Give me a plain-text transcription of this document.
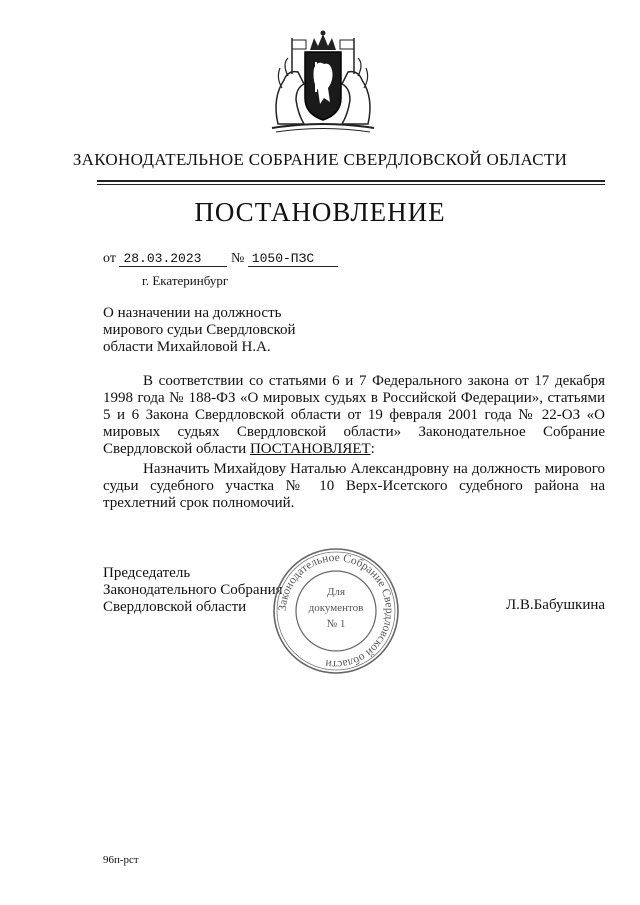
ЗАКОНОДАТЕЛЬНОЕ СОБРАНИЕ СВЕРДЛОВСКОЙ ОБЛАСТИ
ПОСТАНОВЛЕНИЕ
от 28.03.2023 № 1050-ПЗС
г. Екатеринбург
О назначении на должность мирового судьи Свердловской области Михайловой Н.А.

В соответствии со статьями 6 и 7 Федерального закона от 17 декабря 1998 года № 188-ФЗ «О мировых судьях в Российской Федерации», статьями 5 и 6 Закона Свердловской области от 19 февраля 2001 года № 22-ОЗ «О мировых судьях Свердловской области» Законодательное Собрание Свердловской области ПОСТАНОВЛЯЕТ:

Назначить Михайдову Наталью Александровну на должность мирового судьи судебного участка № 10 Верх-Исетского судебного района на трехлетний срок полномочий.

Председатель
Законодательного Собрания
Свердловской области	Л.В.Бабушкина
Законодательное Собрание Свердловской области
Для
документов
№ 1
96п-рст
